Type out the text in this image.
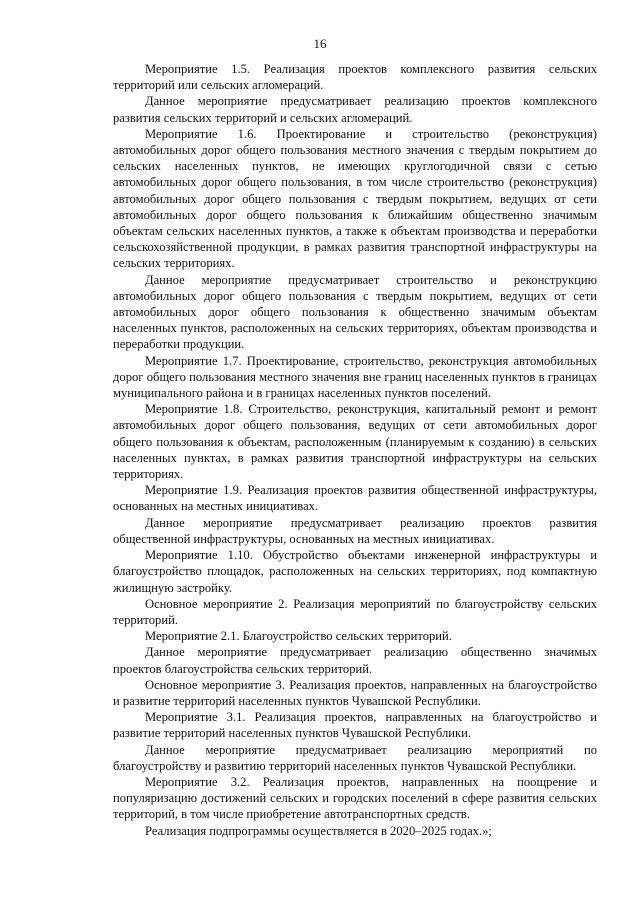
16

Мероприятие 1.5. Реализация проектов комплексного развития сельских территорий или сельских агломераций.

Данное мероприятие предусматривает реализацию проектов комплексного развития сельских территорий и сельских агломераций.

Мероприятие 1.6. Проектирование и строительство (реконструкция) автомобильных дорог общего пользования местного значения с твердым покрытием до сельских населенных пунктов, не имеющих круглогодичной связи с сетью автомобильных дорог общего пользования, в том числе строительство (реконструкция) автомобильных дорог общего пользования с твердым покрытием, ведущих от сети автомобильных дорог общего пользования к ближайшим общественно значимым объектам сельских населенных пунктов, а также к объектам производства и переработки сельскохозяйственной продукции, в рамках развития транспортной инфраструктуры на сельских территориях.

Данное мероприятие предусматривает строительство и реконструкцию автомобильных дорог общего пользования с твердым покрытием, ведущих от сети автомобильных дорог общего пользования к общественно значимым объектам населенных пунктов, расположенных на сельских территориях, объектам производства и переработки продукции.

Мероприятие 1.7. Проектирование, строительство, реконструкция автомобильных дорог общего пользования местного значения вне границ населенных пунктов в границах муниципального района и в границах населенных пунктов поселений.

Мероприятие 1.8. Строительство, реконструкция, капитальный ремонт и ремонт автомобильных дорог общего пользования, ведущих от сети автомобильных дорог общего пользования к объектам, расположенным (планируемым к созданию) в сельских населенных пунктах, в рамках развития транспортной инфраструктуры на сельских территориях.

Мероприятие 1.9. Реализация проектов развития общественной инфраструктуры, основанных на местных инициативах.

Данное мероприятие предусматривает реализацию проектов развития общественной инфраструктуры, основанных на местных инициативах.

Мероприятие 1.10. Обустройство объектами инженерной инфраструктуры и благоустройство площадок, расположенных на сельских территориях, под компактную жилищную застройку.

Основное мероприятие 2. Реализация мероприятий по благоустройству сельских территорий.

Мероприятие 2.1. Благоустройство сельских территорий.

Данное мероприятие предусматривает реализацию общественно значимых проектов благоустройства сельских территорий.

Основное мероприятие 3. Реализация проектов, направленных на благоустройство и развитие территорий населенных пунктов Чувашской Республики.

Мероприятие 3.1. Реализация проектов, направленных на благоустройство и развитие территорий населенных пунктов Чувашской Республики.

Данное мероприятие предусматривает реализацию мероприятий по благоустройству и развитию территорий населенных пунктов Чувашской Республики.

Мероприятие 3.2. Реализация проектов, направленных на поощрение и популяризацию достижений сельских и городских поселений в сфере развития сельских территорий, в том числе приобретение автотранспортных средств.

Реализация подпрограммы осуществляется в 2020–2025 годах.»;
